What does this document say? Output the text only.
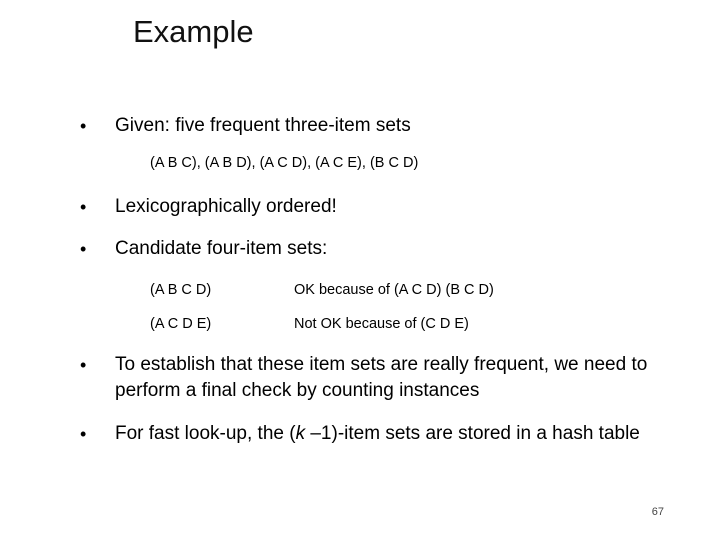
Example
• Given: five frequent three-item sets
(A B C), (A B D), (A C D), (A C E), (B C D)
• Lexicographically ordered!
• Candidate four-item sets:
(A B C D)	OK because of (A C D) (B C D)
(A C D E)	Not OK because of (C D E)
• To establish that these item sets are really frequent, we need to perform a final check by counting instances
• For fast look-up, the (k –1)-item sets are stored in a hash table
67
